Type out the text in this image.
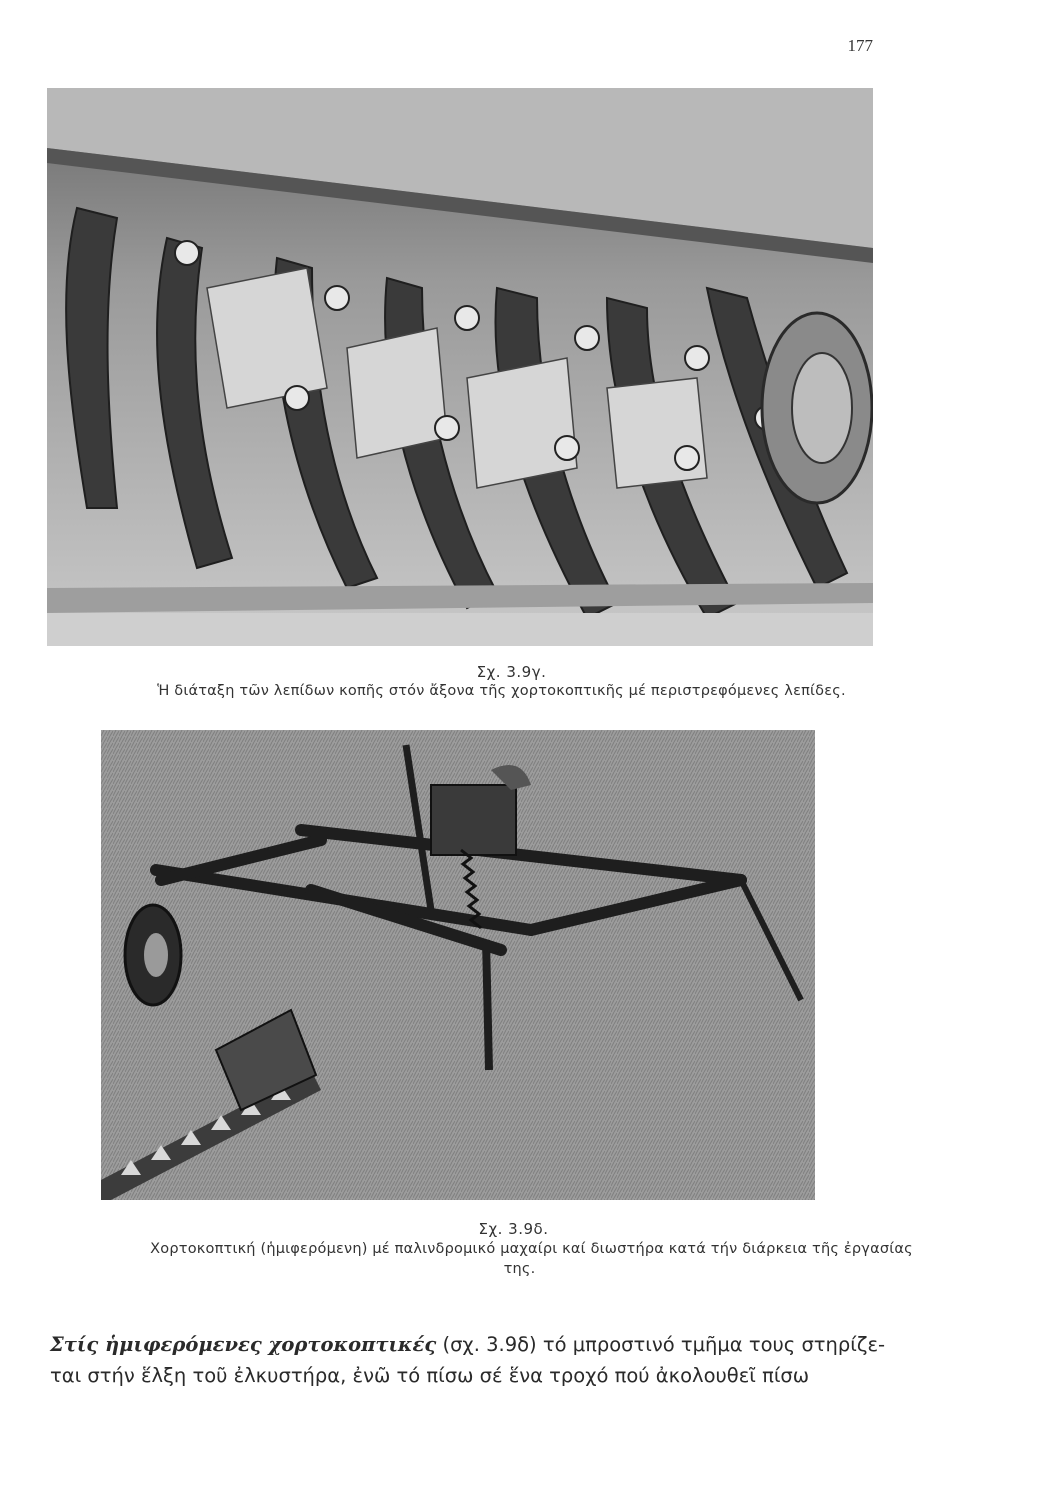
177
Σχ. 3.9γ.
Ἡ διάταξη τῶν λεπίδων κοπῆς στόν ἄξονα τῆς χορτοκοπτικῆς μέ περιστρεφόμενες λεπίδες.
Σχ. 3.9δ.
Χορτοκοπτική (ἡμιφερόμενη) μέ παλινδρομικό μαχαίρι καί διωστήρα κατά τήν διάρκεια τῆς ἐργασίας
της.
Στίς ἡμιφερόμενες χορτοκοπτικές (σχ. 3.9δ) τό μπροστινό τμῆμα τους στηρίζε-
ται στήν ἕλξη τοῦ ἐλκυστήρα, ἐνῶ τό πίσω σέ ἕνα τροχό πού ἀκολουθεῖ πίσω
